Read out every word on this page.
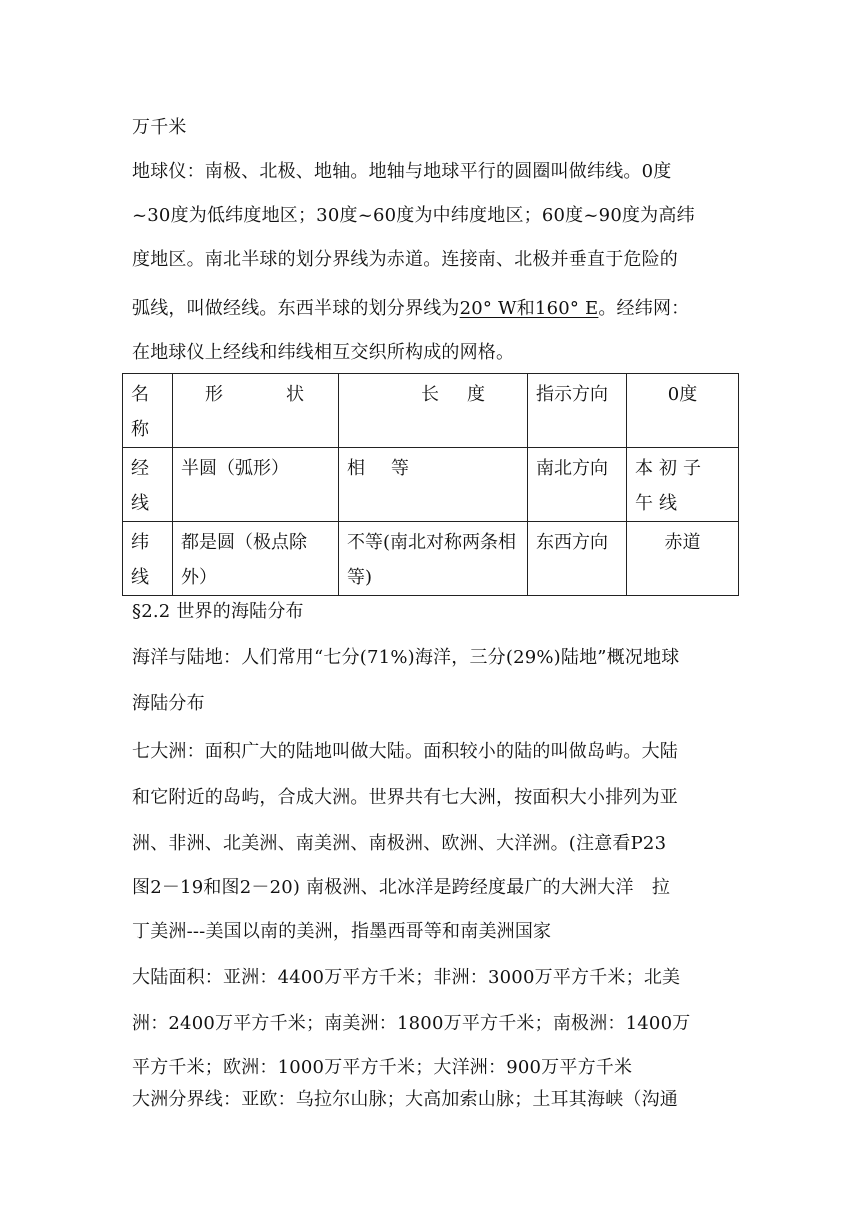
万千米
地球仪：南极、北极、地轴。地轴与地球平行的圆圈叫做纬线。0度
~30度为低纬度地区；30度~60度为中纬度地区；60度~90度为高纬
度地区。南北半球的划分界线为赤道。连接南、北极并垂直于危险的
弧线，叫做经线。东西半球的划分界线为20° W和160° E。经纬网：
在地球仪上经线和纬线相互交织所构成的网格。
名称	形 状	长 度	指示方向	0度
经线	半圆（弧形）	相等	南北方向	本初子午线
纬线	都是圆（极点除外）	不等(南北对称两条相等)	东西方向	赤道
§2.2 世界的海陆分布
海洋与陆地：人们常用“七分(71%)海洋，三分(29%)陆地”概况地球
海陆分布
七大洲：面积广大的陆地叫做大陆。面积较小的陆的叫做岛屿。大陆
和它附近的岛屿，合成大洲。世界共有七大洲，按面积大小排列为亚
洲、非洲、北美洲、南美洲、南极洲、欧洲、大洋洲。(注意看P23
图2－19和图2－20) 南极洲、北冰洋是跨经度最广的大洲大洋　拉
丁美洲---美国以南的美洲，指墨西哥等和南美洲国家
大陆面积：亚洲：4400万平方千米；非洲：3000万平方千米；北美
洲：2400万平方千米；南美洲：1800万平方千米；南极洲：1400万
平方千米；欧洲：1000万平方千米；大洋洲：900万平方千米
大洲分界线：亚欧：乌拉尔山脉；大高加索山脉；土耳其海峡（沟通
